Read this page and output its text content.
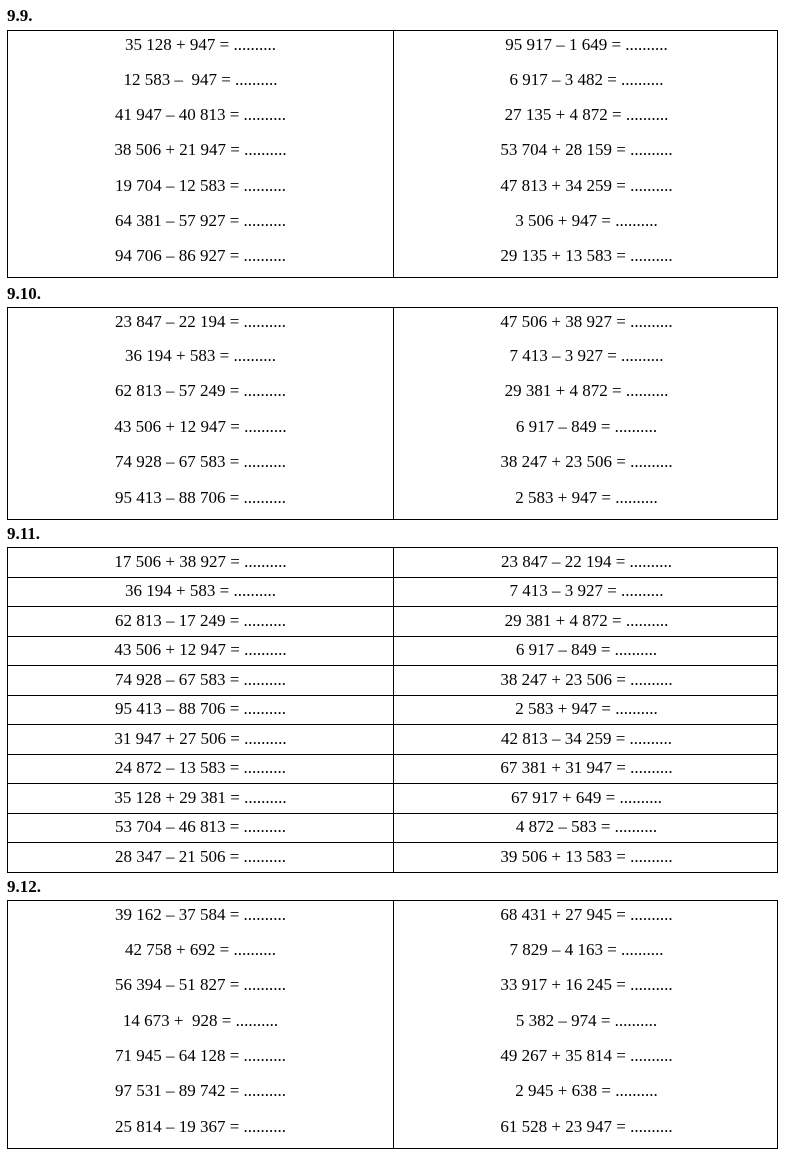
9.9.
35 128 + 947 = ..........
12 583 –  947 = ..........
41 947 – 40 813 = ..........
38 506 + 21 947 = ..........
19 704 – 12 583 = ..........
64 381 – 57 927 = ..........
94 706 – 86 927 = ..........
95 917 – 1 649 = ..........
6 917 – 3 482 = ..........
27 135 + 4 872 = ..........
53 704 + 28 159 = ..........
47 813 + 34 259 = ..........
3 506 + 947 = ..........
29 135 + 13 583 = ..........
9.10.
23 847 – 22 194 = ..........
36 194 + 583 = ..........
62 813 – 57 249 = ..........
43 506 + 12 947 = ..........
74 928 – 67 583 = ..........
95 413 – 88 706 = ..........
47 506 + 38 927 = ..........
7 413 – 3 927 = ..........
29 381 + 4 872 = ..........
6 917 – 849 = ..........
38 247 + 23 506 = ..........
2 583 + 947 = ..........
9.11.
17 506 + 38 927 = ..........
36 194 + 583 = ..........
62 813 – 17 249 = ..........
43 506 + 12 947 = ..........
74 928 – 67 583 = ..........
95 413 – 88 706 = ..........
31 947 + 27 506 = ..........
24 872 – 13 583 = ..........
35 128 + 29 381 = ..........
53 704 – 46 813 = ..........
28 347 – 21 506 = ..........
23 847 – 22 194 = ..........
7 413 – 3 927 = ..........
29 381 + 4 872 = ..........
6 917 – 849 = ..........
38 247 + 23 506 = ..........
2 583 + 947 = ..........
42 813 – 34 259 = ..........
67 381 + 31 947 = ..........
67 917 + 649 = ..........
4 872 – 583 = ..........
39 506 + 13 583 = ..........
9.12.
39 162 – 37 584 = ..........
42 758 + 692 = ..........
56 394 – 51 827 = ..........
14 673 +  928 = ..........
71 945 – 64 128 = ..........
97 531 – 89 742 = ..........
25 814 – 19 367 = ..........
68 431 + 27 945 = ..........
7 829 – 4 163 = ..........
33 917 + 16 245 = ..........
5 382 – 974 = ..........
49 267 + 35 814 = ..........
2 945 + 638 = ..........
61 528 + 23 947 = ..........
